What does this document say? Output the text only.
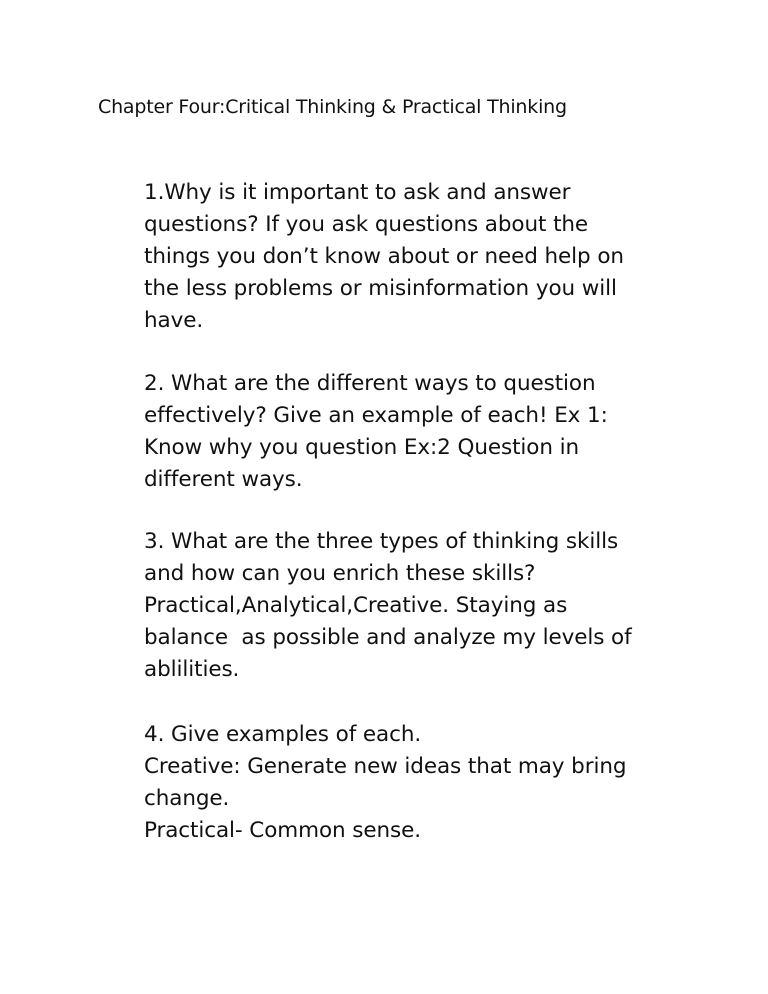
Chapter Four:Critical Thinking & Practical Thinking
1.Why is it important to ask and answer
questions? If you ask questions about the
things you don’t know about or need help on
the less problems or misinformation you will
have.
2. What are the different ways to question
effectively? Give an example of each! Ex 1:
Know why you question Ex:2 Question in
different ways.
3. What are the three types of thinking skills
and how can you enrich these skills?
Practical,Analytical,Creative. Staying as
balance  as possible and analyze my levels of
ablilities.
4. Give examples of each.
Creative: Generate new ideas that may bring
change.
Practical- Common sense.
